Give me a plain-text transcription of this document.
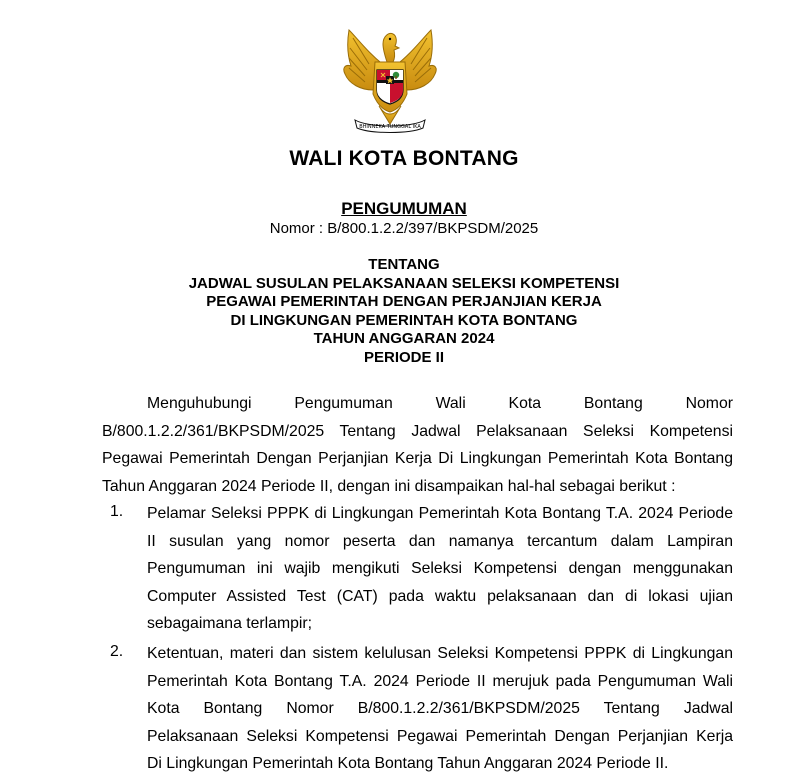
BHINNEKA TUNGGAL IKA
WALI KOTA BONTANG
PENGUMUMAN
Nomor : B/800.1.2.2/397/BKPSDM/2025
TENTANG
JADWAL SUSULAN PELAKSANAAN SELEKSI KOMPETENSI
PEGAWAI PEMERINTAH DENGAN PERJANJIAN KERJA
DI LINGKUNGAN PEMERINTAH KOTA BONTANG
TAHUN ANGGARAN 2024
PERIODE II
Menguhubungi Pengumuman Wali Kota Bontang Nomor
B/800.1.2.2/361/BKPSDM/2025 Tentang Jadwal Pelaksanaan Seleksi Kompetensi
Pegawai Pemerintah Dengan Perjanjian Kerja Di Lingkungan Pemerintah Kota Bontang
Tahun Anggaran 2024 Periode II, dengan ini disampaikan hal-hal sebagai berikut :
1. Pelamar Seleksi PPPK di Lingkungan Pemerintah Kota Bontang T.A. 2024 Periode
II susulan yang nomor peserta dan namanya tercantum dalam Lampiran
Pengumuman ini wajib mengikuti Seleksi Kompetensi dengan menggunakan
Computer Assisted Test (CAT) pada waktu pelaksanaan dan di lokasi ujian
sebagaimana terlampir;
2. Ketentuan, materi dan sistem kelulusan Seleksi Kompetensi PPPK di Lingkungan
Pemerintah Kota Bontang T.A. 2024 Periode II merujuk pada Pengumuman Wali
Kota Bontang Nomor B/800.1.2.2/361/BKPSDM/2025 Tentang Jadwal
Pelaksanaan Seleksi Kompetensi Pegawai Pemerintah Dengan Perjanjian Kerja
Di Lingkungan Pemerintah Kota Bontang Tahun Anggaran 2024 Periode II.
